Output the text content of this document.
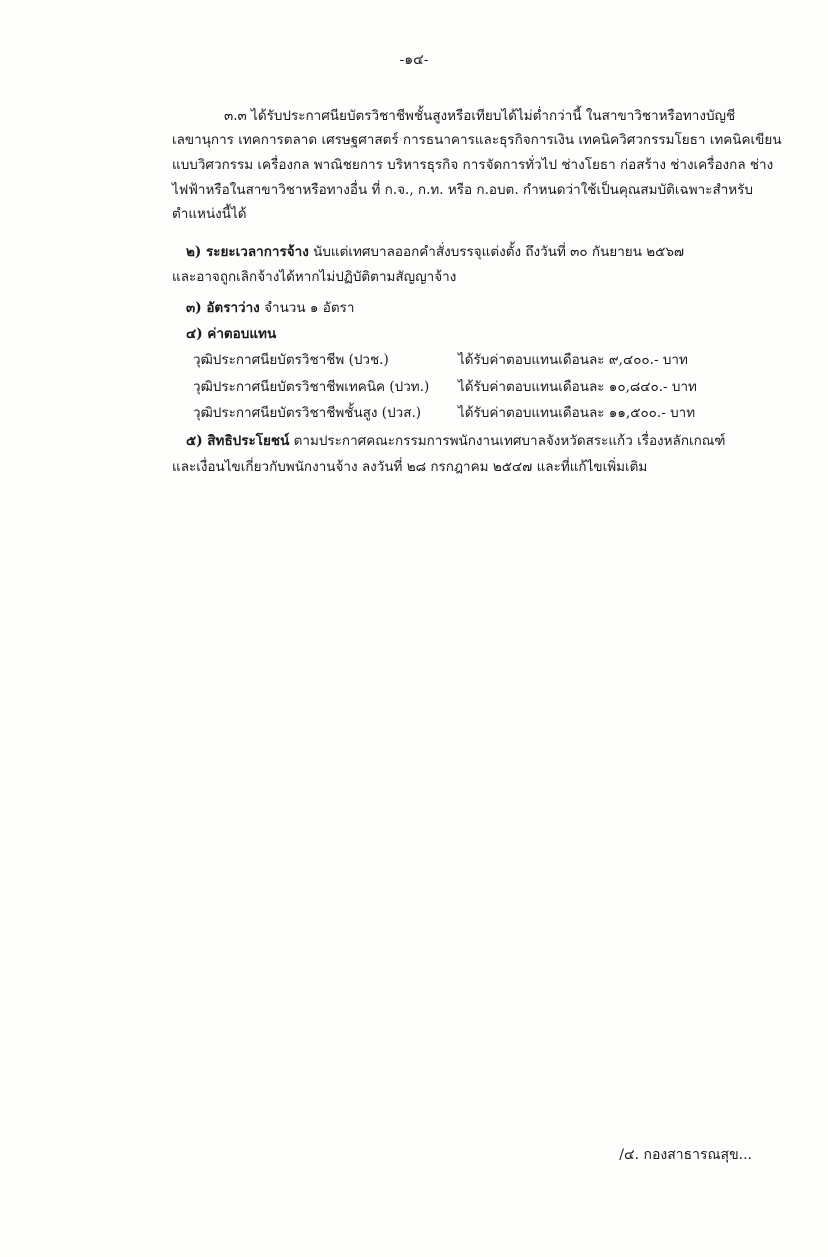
-๑๔-
๓.๓ ได้รับประกาศนียบัตรวิชาชีพชั้นสูงหรือเทียบได้ไม่ต่ำกว่านี้ ในสาขาวิชาหรือทางบัญชี
เลขานุการ เทคการตลาด เศรษฐศาสตร์ การธนาคารและธุรกิจการเงิน เทคนิควิศวกรรมโยธา เทคนิคเขียน
แบบวิศวกรรม เครื่องกล พาณิชยการ บริหารธุรกิจ การจัดการทั่วไป ช่างโยธา ก่อสร้าง ช่างเครื่องกล ช่าง
ไฟฟ้าหรือในสาขาวิชาหรือทางอื่น ที่ ก.จ., ก.ท. หรือ ก.อบต. กำหนดว่าใช้เป็นคุณสมบัติเฉพาะสำหรับ
ตำแหน่งนี้ได้
๒) ระยะเวลาการจ้าง นับแต่เทศบาลออกคำสั่งบรรจุแต่งตั้ง ถึงวันที่ ๓๐ กันยายน ๒๕๖๗
และอาจถูกเลิกจ้างได้หากไม่ปฏิบัติตามสัญญาจ้าง
๓) อัตราว่าง จำนวน ๑ อัตรา
๔) ค่าตอบแทน
วุฒิประกาศนียบัตรวิชาชีพ (ปวช.)	ได้รับค่าตอบแทนเดือนละ ๙,๔๐๐.- บาท
วุฒิประกาศนียบัตรวิชาชีพเทคนิค (ปวท.) ได้รับค่าตอบแทนเดือนละ ๑๐,๘๔๐.- บาท
วุฒิประกาศนียบัตรวิชาชีพชั้นสูง (ปวส.)	ได้รับค่าตอบแทนเดือนละ ๑๑,๕๐๐.- บาท
๕) สิทธิประโยชน์ ตามประกาศคณะกรรมการพนักงานเทศบาลจังหวัดสระแก้ว เรื่องหลักเกณฑ์
และเงื่อนไขเกี่ยวกับพนักงานจ้าง ลงวันที่ ๒๘ กรกฎาคม ๒๕๔๗ และที่แก้ไขเพิ่มเติม
/๔. กองสาธารณสุข...
